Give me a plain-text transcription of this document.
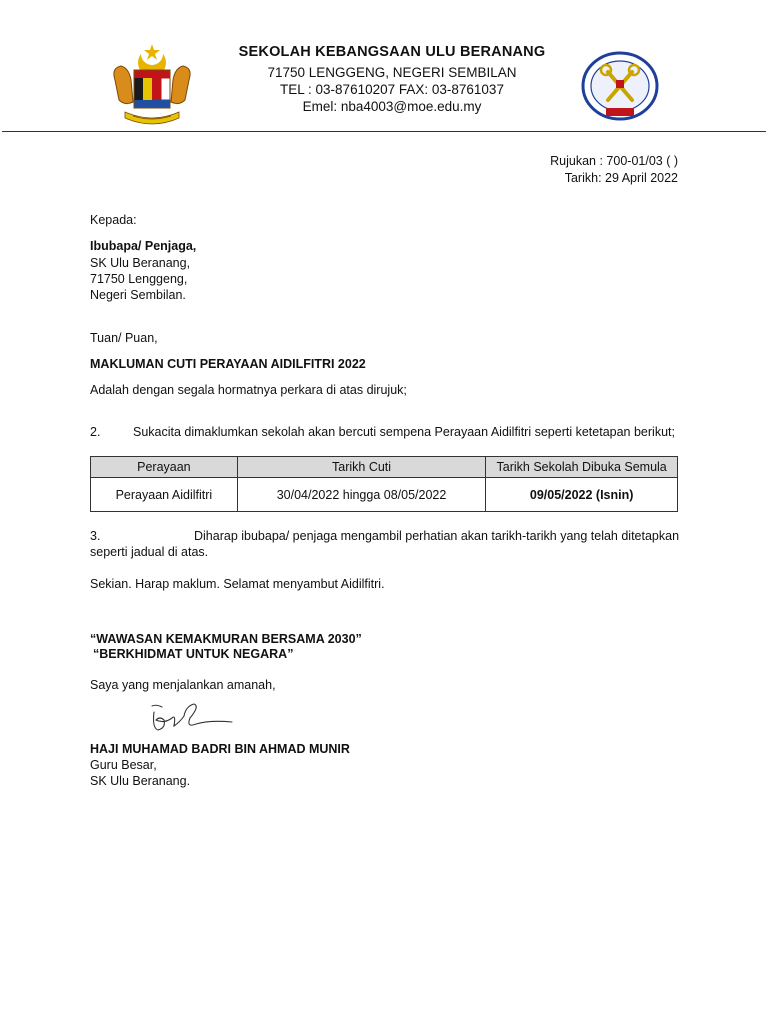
SEKOLAH KEBANGSAAN ULU BERANANG
71750 LENGGENG, NEGERI SEMBILAN
TEL : 03-87610207 FAX: 03-8761037
Emel: nba4003@moe.edu.my
Rujukan : 700-01/03 ( )
Tarikh: 29 April 2022
Kepada:
Ibubapa/ Penjaga,
SK Ulu Beranang,
71750 Lenggeng,
Negeri Sembilan.
Tuan/ Puan,
MAKLUMAN CUTI PERAYAAN AIDILFITRI 2022
Adalah dengan segala hormatnya perkara di atas dirujuk;
2.	Sukacita dimaklumkan sekolah akan bercuti sempena Perayaan Aidilfitri seperti ketetapan berikut;
Perayaan	Tarikh Cuti	Tarikh Sekolah Dibuka Semula
Perayaan Aidilfitri	30/04/2022 hingga 08/05/2022	09/05/2022 (Isnin)
3.	Diharap ibubapa/ penjaga mengambil perhatian akan tarikh-tarikh yang telah ditetapkan
seperti jadual di atas.
Sekian. Harap maklum. Selamat menyambut Aidilfitri.
“WAWASAN KEMAKMURAN BERSAMA 2030”
“BERKHIDMAT UNTUK NEGARA”
Saya yang menjalankan amanah,
HAJI MUHAMAD BADRI BIN AHMAD MUNIR
Guru Besar,
SK Ulu Beranang.
